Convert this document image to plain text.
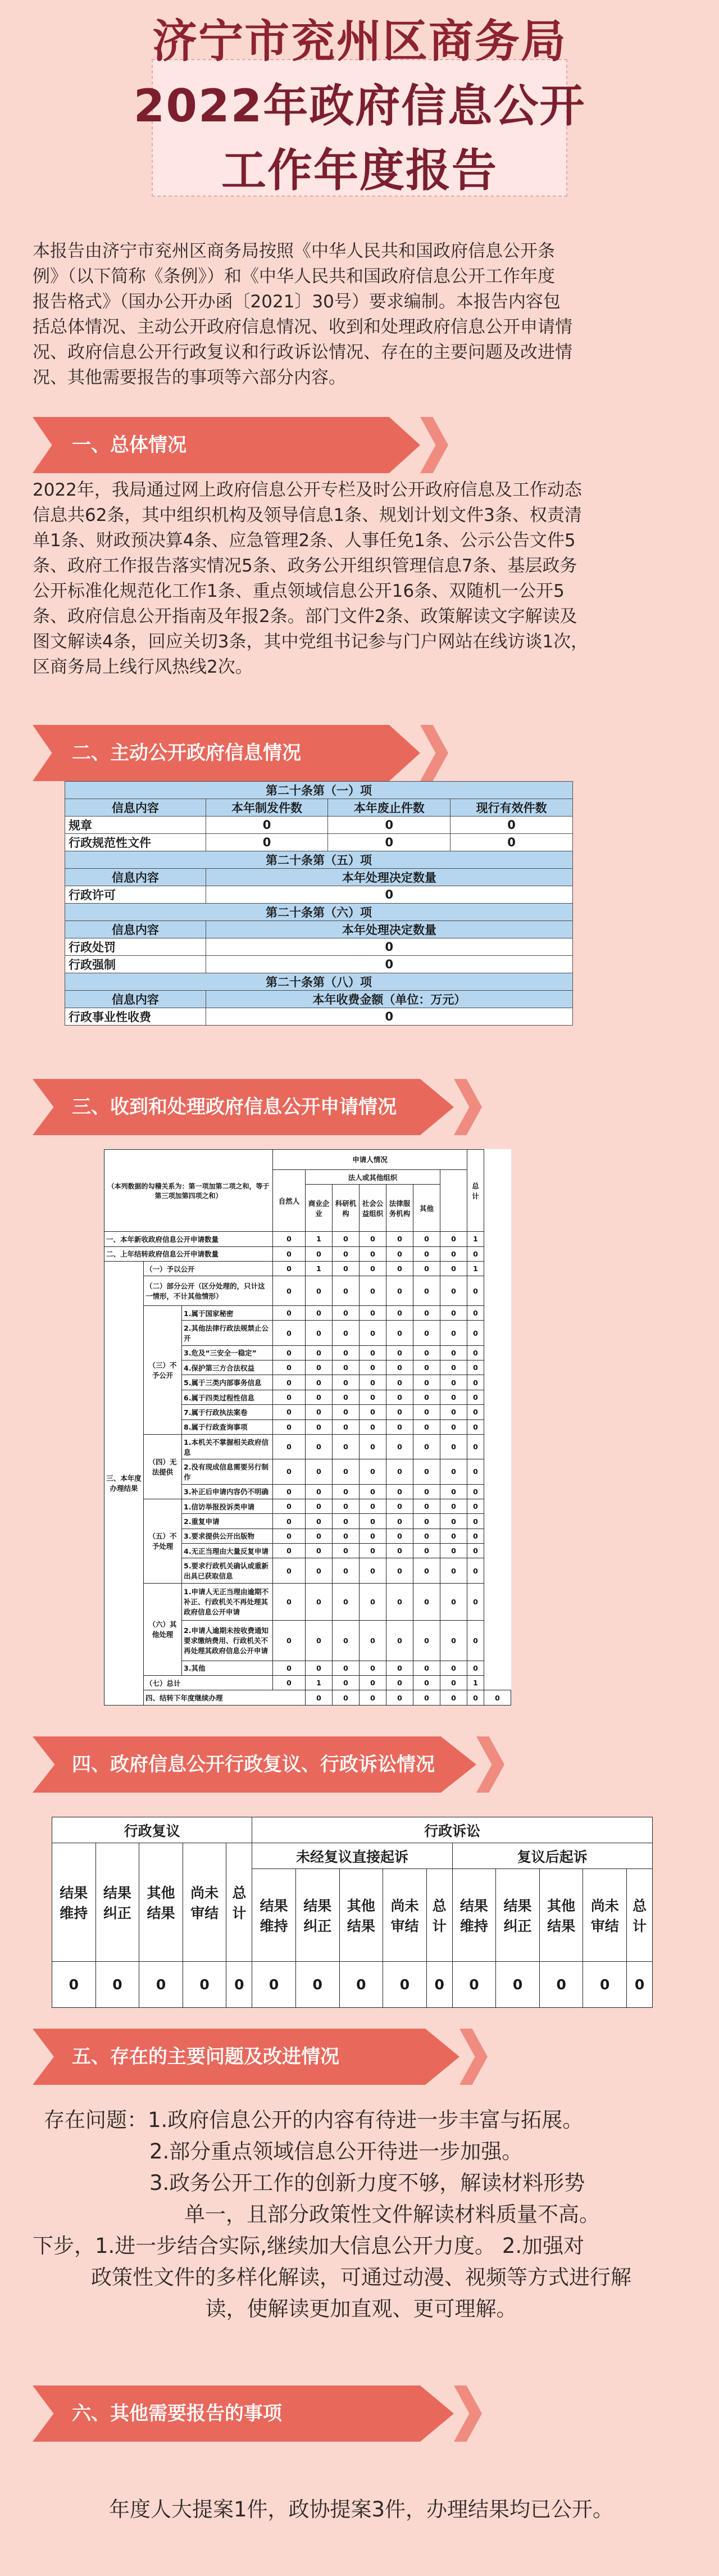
济宁市兖州区商务局
2022年政府信息公开
工作年度报告
本报告由济宁市兖州区商务局按照《中华人民共和国政府信息公开条
例》（以下简称《条例》）和《中华人民共和国政府信息公开工作年度
报告格式》（国办公开办函〔2021〕30号）要求编制。本报告内容包
括总体情况、主动公开政府信息情况、收到和处理政府信息公开申请情
况、政府信息公开行政复议和行政诉讼情况、存在的主要问题及改进情
况、其他需要报告的事项等六部分内容。
一、总体情况
2022年，我局通过网上政府信息公开专栏及时公开政府信息及工作动态
信息共62条，其中组织机构及领导信息1条、规划计划文件3条、权责清
单1条、财政预决算4条、应急管理2条、人事任免1条、公示公告文件5
条、政府工作报告落实情况5条、政务公开组织管理信息7条、基层政务
公开标准化规范化工作1条、重点领域信息公开16条、双随机一公开5
条、政府信息公开指南及年报2条。部门文件2条、政策解读文字解读及
图文解读4条，回应关切3条，其中党组书记参与门户网站在线访谈1次，
区商务局上线行风热线2次。
二、主动公开政府信息情况
第二十条第（一）项			
信息内容	本年制发件数	本年废止件数	现行有效件数
规章	0	0	0
行政规范性文件	0	0	0
第二十条第（五）项			
信息内容	本年处理决定数量		
行政许可	0		
第二十条第（六）项			
信息内容	本年处理决定数量		
行政处罚	0		
行政强制	0		
第二十条第（八）项			
信息内容	本年收费金额（单位：万元）		
行政事业性收费	0		
三、收到和处理政府信息公开申请情况
（本列数据的勾稽关系为：第一项加第二项之和，等于第三项加第四项之和）			申请人情况							总计	
			自然人	法人或其他组织							
				商业企业	科研机构	社会公益组织	法律服务机构	其他			
一、本年新收政府信息公开申请数量			0	1	0	0	0	0	0	1	
二、上年结转政府信息公开申请数量			0	0	0	0	0	0	0	0	
三、本年度办理结果	（一）予以公开		0	1	0	0	0	0	0	1	
	（二）部分公开（区分处理的，只计这一情形，不计其他情形）		0	0	0	0	0	0	0	0	
	（三）不予公开	1.属于国家秘密	0	0	0	0	0	0	0	0	
		2.其他法律行政法规禁止公开	0	0	0	0	0	0	0	0	
		3.危及“三安全一稳定”	0	0	0	0	0	0	0	0	
		4.保护第三方合法权益	0	0	0	0	0	0	0	0	
		5.属于三类内部事务信息	0	0	0	0	0	0	0	0	
		6.属于四类过程性信息	0	0	0	0	0	0	0	0	
		7.属于行政执法案卷	0	0	0	0	0	0	0	0	
		8.属于行政查询事项	0	0	0	0	0	0	0	0	
	（四）无法提供	1.本机关不掌握相关政府信息	0	0	0	0	0	0	0	0	
		2.没有现成信息需要另行制作	0	0	0	0	0	0	0	0	
		3.补正后申请内容仍不明确	0	0	0	0	0	0	0	0	
	（五）不予处理	1.信访举报投诉类申请	0	0	0	0	0	0	0	0	
		2.重复申请	0	0	0	0	0	0	0	0	
		3.要求提供公开出版物	0	0	0	0	0	0	0	0	
		4.无正当理由大量反复申请	0	0	0	0	0	0	0	0	
		5.要求行政机关确认或重新出具已获取信息	0	0	0	0	0	0	0	0	
	（六）其他处理	1.申请人无正当理由逾期不补正、行政机关不再处理其政府信息公开申请	0	0	0	0	0	0	0	0	
		2.申请人逾期未按收费通知要求缴纳费用、行政机关不再处理其政府信息公开申请	0	0	0	0	0	0	0	0	
		3.其他	0	0	0	0	0	0	0	0	
	（七）总计		0	1	0	0	0	0	0	1	
	四、结转下年度继续办理			0	0	0	0	0	0	0	0
四、政府信息公开行政复议、行政诉讼情况
行政复议					行政诉讼									
结果维持	结果纠正	其他结果	尚未审结	总计	未经复议直接起诉					复议后起诉				
					结果维持	结果纠正	其他结果	尚未审结	总计	结果维持	结果纠正	其他结果	尚未审结	总计
0	0	0	0	0	0	0	0	0	0	0	0	0	0	0
五、存在的主要问题及改进情况
存在问题：1.政府信息公开的内容有待进一步丰富与拓展。
2.部分重点领域信息公开待进一步加强。
3.政务公开工作的创新力度不够，解读材料形势
单一，且部分政策性文件解读材料质量不高。
下步，1.进一步结合实际,继续加大信息公开力度。 2.加强对
政策性文件的多样化解读，可通过动漫、视频等方式进行解
读，使解读更加直观、更可理解。
六、其他需要报告的事项
年度人大提案1件，政协提案3件，办理结果均已公开。
